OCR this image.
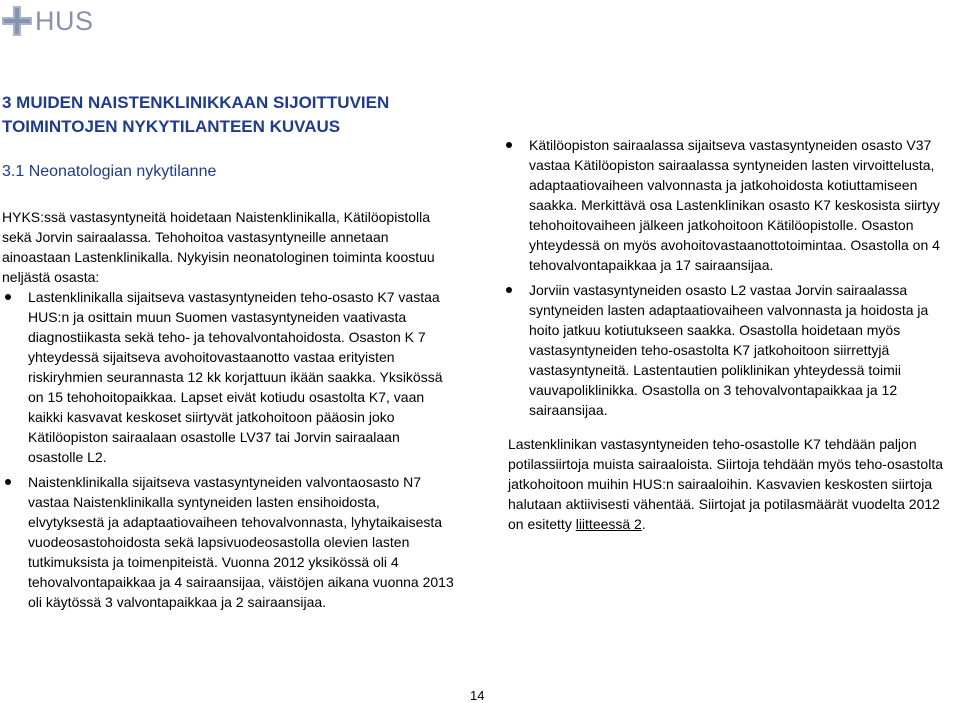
HUS
3 MUIDEN NAISTENKLINIKKAAN SIJOITTUVIEN TOIMINTOJEN NYKYTILANTEEN KUVAUS
3.1 Neonatologian nykytilanne

HYKS:ssä vastasyntyneitä hoidetaan Naistenklinikalla, Kätilöopistolla sekä Jorvin sairaalassa. Tehohoitoa vastasyntyneille annetaan ainoastaan Lastenklinikalla. Nykyisin neonatologinen toiminta koostuu neljästä osasta:

Lastenklinikalla sijaitseva vastasyntyneiden teho-osasto K7 vastaa HUS:n ja osittain muun Suomen vastasyntyneiden vaativasta diagnostiikasta sekä teho- ja tehovalvontahoidosta. Osaston K 7 yhteydessä sijaitseva avohoitovastaanotto vastaa erityisten riskiryhmien seurannasta 12 kk korjattuun ikään saakka. Yksikössä on 15 tehohoitopaikkaa. Lapset eivät kotiudu osastolta K7, vaan kaikki kasvavat keskoset siirtyvät jatkohoitoon pääosin joko Kätilöopiston sairaalaan osastolle LV37 tai Jorvin sairaalaan osastolle L2.
Naistenklinikalla sijaitseva vastasyntyneiden valvontaosasto N7 vastaa Naistenklinikalla syntyneiden lasten ensihoidosta, elvytyksestä ja adaptaatiovaiheen tehovalvonnasta, lyhytaikaisesta vuodeosastohoidosta sekä lapsivuodeosastolla olevien lasten tutkimuksista ja toimenpiteistä. Vuonna 2012 yksikössä oli 4 tehovalvontapaikkaa ja 4 sairaansijaa, väistöjen aikana vuonna 2013 oli käytössä 3 valvontapaikkaa ja 2 sairaansijaa.
Kätilöopiston sairaalassa sijaitseva vastasyntyneiden osasto V37 vastaa Kätilöopiston sairaalassa syntyneiden lasten virvoittelusta, adaptaatiovaiheen valvonnasta ja jatkohoidosta kotiuttamiseen saakka. Merkittävä osa Lastenklinikan osasto K7 keskosista siirtyy tehohoitovaiheen jälkeen jatkohoitoon Kätilöopistolle. Osaston yhteydessä on myös avohoitovastaanottotoimintaa. Osastolla on 4 tehovalvontapaikkaa ja 17 sairaansijaa.
Jorviin vastasyntyneiden osasto L2 vastaa Jorvin sairaalassa syntyneiden lasten adaptaatiovaiheen valvonnasta ja hoidosta ja hoito jatkuu kotiutukseen saakka. Osastolla hoidetaan myös vastasyntyneiden teho-osastolta K7 jatkohoitoon siirrettyjä vastasyntyneitä. Lastentautien poliklinikan yhteydessä toimii vauvapoliklinikka. Osastolla on 3 tehovalvontapaikkaa ja 12 sairaansijaa.

Lastenklinikan vastasyntyneiden teho-osastolle K7 tehdään paljon potilassiirtoja muista sairaaloista. Siirtoja tehdään myös teho-osastolta jatkohoitoon muihin HUS:n sairaaloihin. Kasvavien keskosten siirtoja halutaan aktiivisesti vähentää. Siirtojat ja potilasmäärät vuodelta 2012 on esitetty liitteessä 2.

14
